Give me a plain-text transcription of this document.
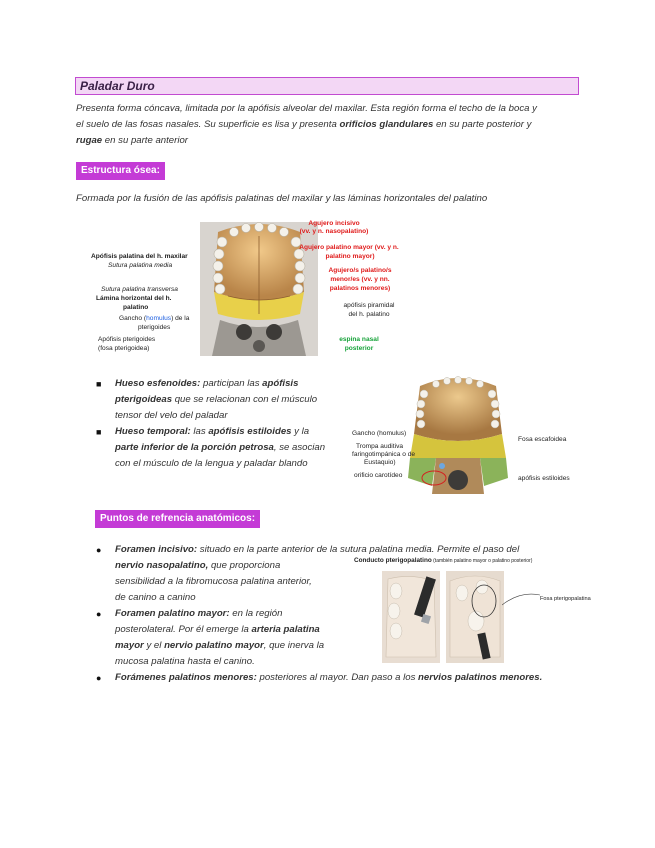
Paladar Duro
Presenta forma cóncava, limitada por la apófisis alveolar del maxilar. Esta región forma el techo de la boca y
el suelo de las fosas nasales. Su superficie es lisa y presenta orificios glandulares en su parte posterior y
rugae en su parte anterior
Estructura ósea:
Formada por la fusión de las apófisis palatinas del maxilar y las láminas horizontales del palatino
Apófisis palatina del h. maxilar
Sutura palatina media
Sutura palatina transversa
Lámina horizontal del h.
palatino
Gancho (homulus) de la
pterigoides
Apófisis pterigoides
(fosa pterigoidea)
Agujero incisivo
(vv. y n. nasopalatino)
Agujero palatino mayor (vv. y n.
palatino mayor)
Agujero/s palatino/s
menor/es (vv. y nn.
palatinos menores)
apófisis piramidal
del h. palatino
espina nasal
posterior
■
■
Hueso esfenoides: participan las apófisis
pterigoideas que se relacionan con el músculo
tensor del velo del paladar
Hueso temporal: las apófisis estiloides y la
parte inferior de la porción petrosa, se asocian
con el músculo de la lengua y paladar blando
Gancho (homulus)
Trompa auditiva
faringotimpánica o de
Eustaquio)
orificio carotídeo
Fosa escafoidea
apófisis estiloides
Puntos de refrencia anatómicos:
●
●
●
Foramen incisivo: situado en la parte anterior de la sutura palatina media. Permite el paso del
nervio nasopalatino, que proporciona
sensibilidad a la fibromucosa palatina anterior,
de canino a canino
Foramen palatino mayor: en la región
posterolateral. Por él emerge la arteria palatina
mayor y el nervio palatino mayor, que inerva la
mucosa palatina hasta el canino.
Forámenes palatinos menores: posteriores al mayor. Dan paso a los nervios palatinos menores.
Conducto pterigopalatino (también palatino mayor o palatino posterior)
Fosa pterigopalatina
